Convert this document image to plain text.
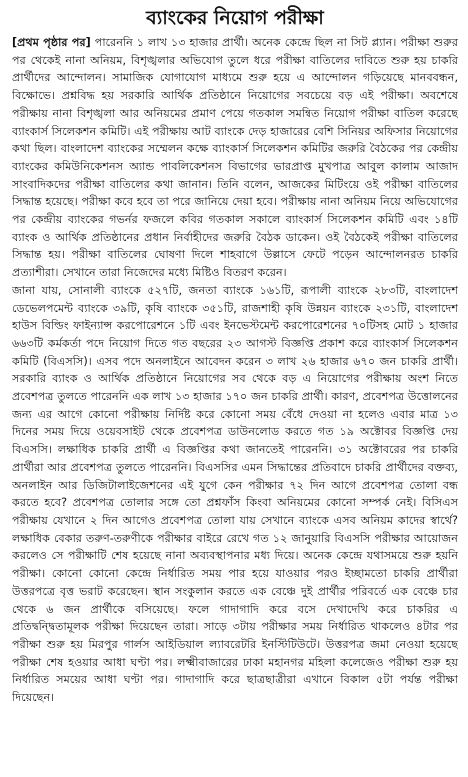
ব্যাংকের নিয়োগ পরীক্ষা

[প্রথম পৃষ্ঠার পর] পারেননি ১ লাখ ১৩ হাজার প্রার্থী। অনেক কেন্দ্রে ছিল না সিট প্ল্যান। পরীক্ষা শুরুর পর থেকেই নানা অনিয়ম, বিশৃঙ্খলার অভিযোগ তুলে ধরে পরীক্ষা বাতিলের দাবিতে শুরু হয় চাকরি প্রার্থীদের আন্দোলন। সামাজিক যোগাযোগ মাধ্যমে শুরু হয়ে এ আন্দোলন গড়িয়েছে মানববন্ধন, বিক্ষোভে। প্রশ্নবিদ্ধ হয় সরকারি আর্থিক প্রতিষ্ঠানে নিয়োগের সবচেয়ে বড় এই পরীক্ষা। অবশেষে পরীক্ষায় নানা বিশৃঙ্খলা আর অনিয়মের প্রমাণ পেয়ে গতকাল সমন্বিত নিয়োগ পরীক্ষা বাতিল করেছে ব্যাংকার্স সিলেকশন কমিটি। এই পরীক্ষায় আট ব্যাংকে দেড় হাজারের বেশি সিনিয়র অফিসার নিয়োগের কথা ছিল। বাংলাদেশ ব্যাংকের সম্মেলন কক্ষে ব্যাংকার্স সিলেকশন কমিটির জরুরি বৈঠকের পর কেন্দ্রীয় ব্যাংকের কমিউনিকেশনস অ্যান্ড পাবলিকেশনস বিভাগের ভারপ্রাপ্ত মুখপাত্র আবুল কালাম আজাদ সাংবাদিকদের পরীক্ষা বাতিলের কথা জানান। তিনি বলেন, আজকের মিটিংয়ে ওই পরীক্ষা বাতিলের সিদ্ধান্ত হয়েছে। পরীক্ষা কবে হবে তা পরে জানিয়ে দেয়া হবে। পরীক্ষায় নানা অনিয়ম নিয়ে অভিযোগের পর কেন্দ্রীয় ব্যাংকের গভর্নর ফজলে কবির গতকাল সকালে ব্যাংকার্স সিলেকশন কমিটি এবং ১৪টি ব্যাংক ও আর্থিক প্রতিষ্ঠানের প্রধান নির্বাহীদের জরুরি বৈঠক ডাকেন। ওই বৈঠকেই পরীক্ষা বাতিলের সিদ্ধান্ত হয়। পরীক্ষা বাতিলের ঘোষণা দিলে শাহবাগে উল্লাসে ফেটে পড়েন আন্দোলনরত চাকরি প্রত্যাশীরা। সেখানে তারা নিজেদের মধ্যে মিষ্টিও বিতরণ করেন।

জানা যায়, সোনালী ব্যাংকে ৫২৭টি, জনতা ব্যাংকে ১৬১টি, রূপালী ব্যাংকে ২৮৩টি, বাংলাদেশ ডেভেলপমেন্ট ব্যাংকে ৩৯টি, কৃষি ব্যাংকে ৩৫১টি, রাজশাহী কৃষি উন্নয়ন ব্যাংকে ২৩১টি, বাংলাদেশ হাউস বিল্ডিং ফাইন্যান্স করপোরেশনে ১টি এবং ইনভেস্টমেন্ট করপোরেশনের ৭০টিসহ মোট ১ হাজার ৬৬৩টি কর্মকর্তা পদে নিয়োগ দিতে গত বছরের ২৩ আগস্ট বিজ্ঞপ্তি প্রকাশ করে ব্যাংকার্স সিলেকশন কমিটি (বিএসসি)। এসব পদে অনলাইনে আবেদন করেন ৩ লাখ ২৬ হাজার ৬৭০ জন চাকরি প্রার্থী। সরকারি ব্যাংক ও আর্থিক প্রতিষ্ঠানে নিয়োগের সব থেকে বড় এ নিয়োগের পরীক্ষায় অংশ নিতে প্রবেশপত্র তুলতে পারেননি এক লাখ ১৩ হাজার ১৭০ জন চাকরি প্রার্থী। কারণ, প্রবেশপত্র উত্তোলনের জন্য এর আগে কোনো পরীক্ষায় নির্দিষ্ট করে কোনো সময় বেঁধে দেওয়া না হলেও এবার মাত্র ১৩ দিনের সময় দিয়ে ওয়েবসাইট থেকে প্রবেশপত্র ডাউনলোড করতে গত ১৯ অক্টোবর বিজ্ঞপ্তি দেয় বিএসসি। লক্ষাধিক চাকরি প্রার্থী এ বিজ্ঞপ্তির কথা জানতেই পারেননি। ৩১ অক্টোবরের পর চাকরি প্রার্থীরা আর প্রবেশপত্র তুলতে পারেননি। বিএসসির এমন সিদ্ধান্তের প্রতিবাদে চাকরি প্রার্থীদের বক্তব্য, অনলাইন আর ডিজিটালাইজেশনের এই যুগে কেন পরীক্ষার ৭২ দিন আগে প্রবেশপত্র তোলা বন্ধ করতে হবে? প্রবেশপত্র তোলার সঙ্গে তো প্রশ্নফাঁস কিংবা অনিয়মের কোনো সম্পর্ক নেই। বিসিএস পরীক্ষায় যেখানে ২ দিন আগেও প্রবেশপত্র তোলা যায় সেখানে ব্যাংকে এসব অনিয়ম কাদের স্বার্থে? লক্ষাধিক বেকার তরুণ-তরুণীকে পরীক্ষার বাইরে রেখে গত ১২ জানুয়ারি বিএসসি পরীক্ষার আয়োজন করলেও সে পরীক্ষাটি শেষ হয়েছে নানা অব্যবস্থাপনার মধ্য দিয়ে। অনেক কেন্দ্রে যথাসময়ে শুরু হয়নি পরীক্ষা। কোনো কোনো কেন্দ্রে নির্ধারিত সময় পার হয়ে যাওয়ার পরও ইচ্ছামতো চাকরি প্রার্থীরা উত্তরপত্রে বৃত্ত ভরাট করেছেন। স্থান সংকুলান করতে এক বেঞ্চে দুই প্রার্থীর পরিবর্তে এক বেঞ্চে চার থেকে ৬ জন প্রার্থীকে বসিয়েছে। ফলে গাদাগাদি করে বসে দেখাদেখি করে চাকরির এ প্রতিদ্বন্দ্বিতামূলক পরীক্ষা দিয়েছেন তারা। সাড়ে ৩টায় পরীক্ষার সময় নির্ধারিত থাকলেও ৪টার পর পরীক্ষা শুরু হয় মিরপুর গার্লস আইডিয়াল ল্যাবরেটরি ইনস্টিটিউটে। উত্তরপত্র জমা নেওয়া হয়েছে পরীক্ষা শেষ হওয়ার আধা ঘণ্টা পর। লক্ষ্মীবাজারের ঢাকা মহানগর মহিলা কলেজেও পরীক্ষা শুরু হয় নির্ধারিত সময়ের আধা ঘণ্টা পর। গাদাগাদি করে ছাত্রছাত্রীরা এখানে বিকাল ৫টা পর্যন্ত পরীক্ষা দিয়েছেন।
